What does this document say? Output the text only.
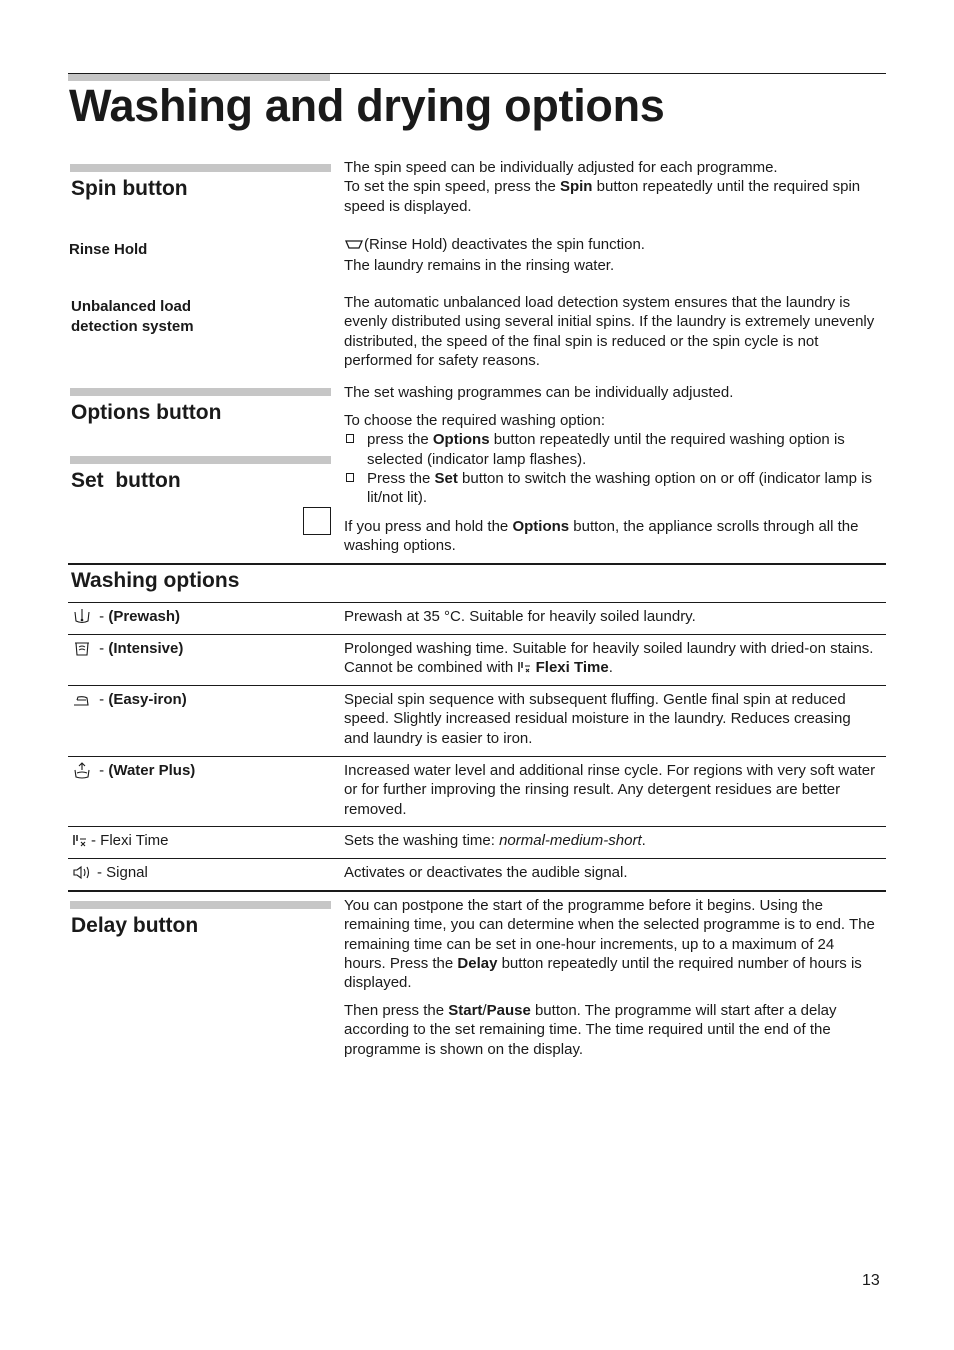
Washing and drying options
Spin button
The spin speed can be individually adjusted for each programme.
To set the spin speed, press the Spin button repeatedly until the required spin speed is displayed.
Rinse Hold	(Rinse Hold) deactivates the spin function.
The laundry remains in the rinsing water.
Unbalanced load
detection system
The automatic unbalanced load detection system ensures that the laundry is evenly distributed using several initial spins. If the laundry is extremely unevenly distributed, the speed of the final spin is reduced or the spin cycle is not performed for safety reasons.
Options button
Set  button
The set washing programmes can be individually adjusted.
To choose the required washing option:
press the Options button repeatedly until the required washing option is selected (indicator lamp flashes).
Press the Set button to switch the washing option on or off (indicator lamp is lit/not lit).
If you press and hold the Options button, the appliance scrolls through all the washing options.
Washing options
- (Prewash)	Prewash at 35 °C. Suitable for heavily soiled laundry.
- (Intensive)	Prolonged washing time. Suitable for heavily soiled laundry with dried-on stains. Cannot be combined with  Flexi Time.
- (Easy-iron)	Special spin sequence with subsequent fluffing. Gentle final spin at reduced speed. Slightly increased residual moisture in the laundry. Reduces creasing and laundry is easier to iron.
- (Water Plus)	Increased water level and additional rinse cycle. For regions with very soft water or for further improving the rinsing result. Any detergent residues are better removed.
- Flexi Time	Sets the washing time: normal-medium-short.
- Signal	Activates or deactivates the audible signal.
Delay button
You can postpone the start of the programme before it begins. Using the remaining time, you can determine when the selected programme is to end. The remaining time can be set in one-hour increments, up to a maximum of 24 hours. Press the Delay button repeatedly until the required number of hours is displayed.
Then press the Start/Pause button. The programme will start after a delay according to the set remaining time. The time required until the end of the programme is shown on the display.
13
